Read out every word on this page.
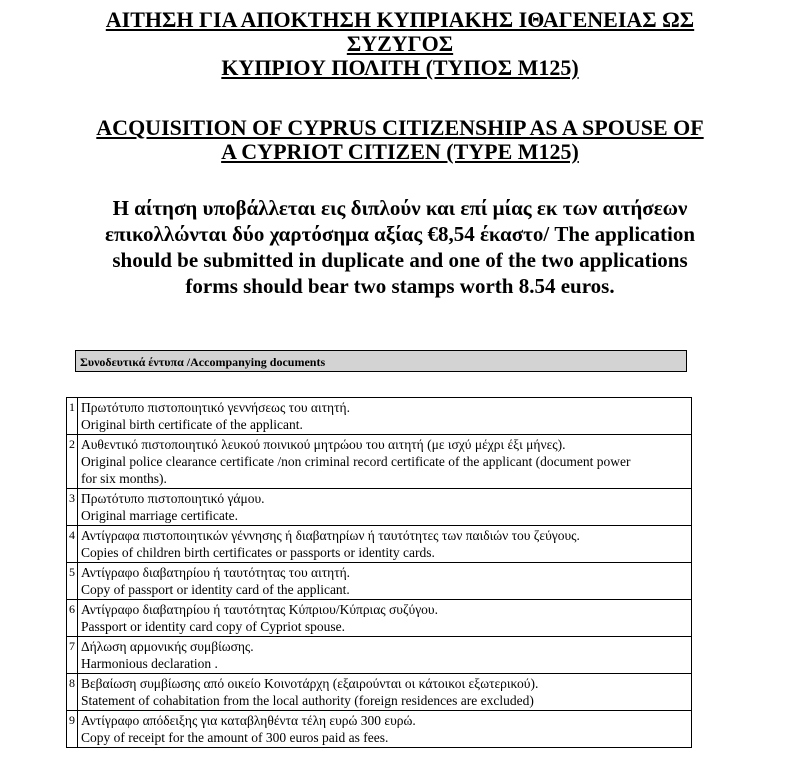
ΑΙΤΗΣΗ ΓΙΑ ΑΠΟΚΤΗΣΗ ΚΥΠΡΙΑΚΗΣ ΙΘΑΓΕΝΕΙΑΣ ΩΣ
ΣΥΖΥΓΟΣ
ΚΥΠΡΙΟΥ ΠΟΛΙΤΗ (ΤΥΠΟΣ Μ125)
ACQUISITION OF CYPRUS CITIZENSHIP AS A SPOUSE OF
A CYPRIOT CITIZEN (TYPE M125)
Η αίτηση υποβάλλεται εις διπλούν και επί μίας εκ των αιτήσεων
επικολλώνται δύο χαρτόσημα αξίας €8,54 έκαστο/ The application
should be submitted in duplicate and one of the two applications
forms should bear two stamps worth 8.54 euros.
Συνοδευτικά έντυπα /Accompanying documents
1	Πρωτότυπο πιστοποιητικό γεννήσεως του αιτητή.
Original birth certificate of the applicant.

2	Αυθεντικό πιστοποιητικό λευκού ποινικού μητρώου του αιτητή (με ισχύ μέχρι έξι μήνες).
Original police clearance certificate /non criminal record certificate of the applicant (document power
for six months).

3	Πρωτότυπο πιστοποιητικό γάμου.
Original marriage certificate.

4	Αντίγραφα πιστοποιητικών γέννησης ή διαβατηρίων ή ταυτότητες των παιδιών του ζεύγους.
Copies of children birth certificates or passports or identity cards.

5	Αντίγραφο διαβατηρίου ή ταυτότητας του αιτητή.
Copy of passport or identity card of the applicant.

6	Αντίγραφο διαβατηρίου ή ταυτότητας Κύπριου/Κύπριας συζύγου.
Passport or identity card copy of Cypriot spouse.

7	Δήλωση αρμονικής συμβίωσης.
Harmonious declaration .

8	Βεβαίωση συμβίωσης από οικείο Κοινοτάρχη (εξαιρούνται οι κάτοικοι εξωτερικού).
Statement of cohabitation from the local authority (foreign residences are excluded)

9	Αντίγραφο απόδειξης για καταβληθέντα τέλη ευρώ 300 ευρώ.
Copy of receipt for the amount of 300 euros paid as fees.
